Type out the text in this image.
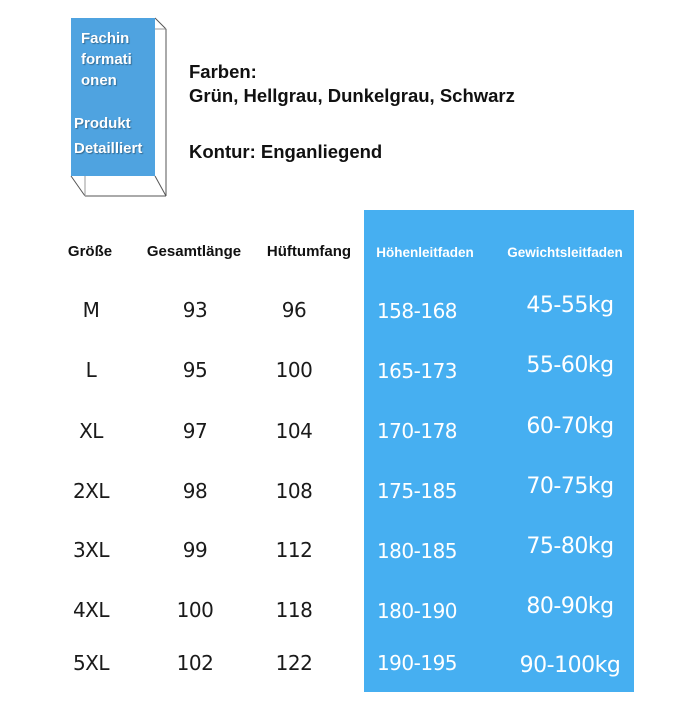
Fachin
formati
onen
Produkt
Detailliert
Farben:
Grün, Hellgrau, Dunkelgrau, Schwarz
Kontur: Enganliegend
Größe Gesamtlänge Hüftumfang Höhenleitfaden Gewichtsleitfaden
M	93	96	158-168	45-55kg
L	95	100	165-173	55-60kg
XL	97	104	170-178	60-70kg
2XL	98	108	175-185	70-75kg
3XL	99	112	180-185	75-80kg
4XL	100	118	180-190	80-90kg
5XL	102	122	190-195	90-100kg
